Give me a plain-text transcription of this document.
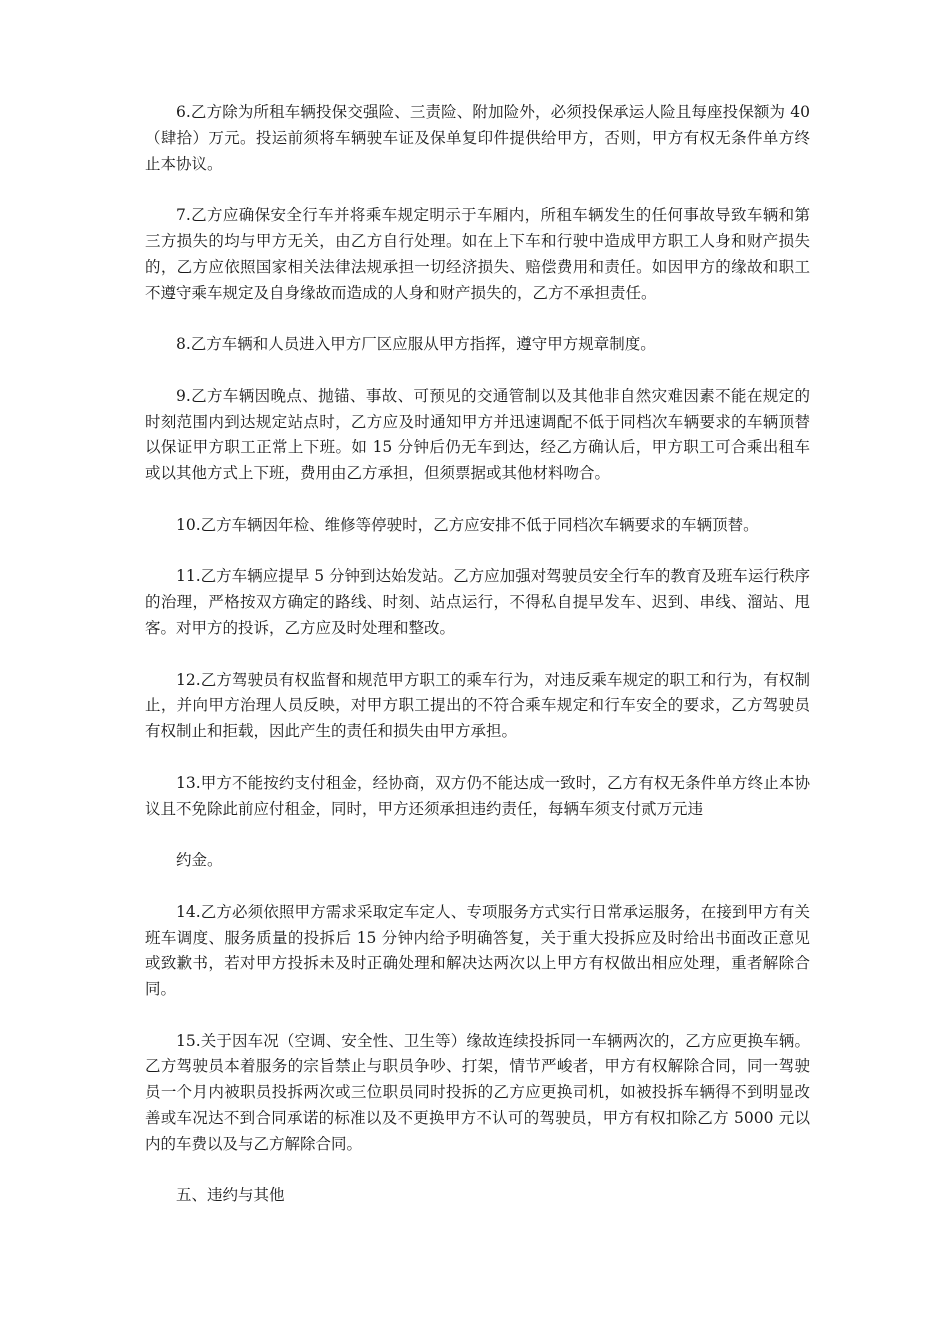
6.乙方除为所租车辆投保交强险、三责险、附加险外，必须投保承运人险且每座投保额为 40（肆拾）万元。投运前须将车辆驶车证及保单复印件提供给甲方，否则，甲方有权无条件单方终止本协议。

7.乙方应确保安全行车并将乘车规定明示于车厢内，所租车辆发生的任何事故导致车辆和第三方损失的均与甲方无关，由乙方自行处理。如在上下车和行驶中造成甲方职工人身和财产损失的，乙方应依照国家相关法律法规承担一切经济损失、赔偿费用和责任。如因甲方的缘故和职工不遵守乘车规定及自身缘故而造成的人身和财产损失的，乙方不承担责任。

8.乙方车辆和人员进入甲方厂区应服从甲方指挥，遵守甲方规章制度。

9.乙方车辆因晚点、抛锚、事故、可预见的交通管制以及其他非自然灾难因素不能在规定的时刻范围内到达规定站点时，乙方应及时通知甲方并迅速调配不低于同档次车辆要求的车辆顶替以保证甲方职工正常上下班。如 15 分钟后仍无车到达，经乙方确认后，甲方职工可合乘出租车或以其他方式上下班，费用由乙方承担，但须票据或其他材料吻合。

10.乙方车辆因年检、维修等停驶时，乙方应安排不低于同档次车辆要求的车辆顶替。

11.乙方车辆应提早 5 分钟到达始发站。乙方应加强对驾驶员安全行车的教育及班车运行秩序的治理，严格按双方确定的路线、时刻、站点运行，不得私自提早发车、迟到、串线、溜站、甩客。对甲方的投诉，乙方应及时处理和整改。

12.乙方驾驶员有权监督和规范甲方职工的乘车行为，对违反乘车规定的职工和行为，有权制止，并向甲方治理人员反映，对甲方职工提出的不符合乘车规定和行车安全的要求，乙方驾驶员有权制止和拒载，因此产生的责任和损失由甲方承担。

13.甲方不能按约支付租金，经协商，双方仍不能达成一致时，乙方有权无条件单方终止本协议且不免除此前应付租金，同时，甲方还须承担违约责任，每辆车须支付贰万元违

约金。

14.乙方必须依照甲方需求采取定车定人、专项服务方式实行日常承运服务，在接到甲方有关班车调度、服务质量的投拆后 15 分钟内给予明确答复，关于重大投拆应及时给出书面改正意见或致歉书，若对甲方投拆未及时正确处理和解决达两次以上甲方有权做出相应处理，重者解除合同。

15.关于因车况（空调、安全性、卫生等）缘故连续投拆同一车辆两次的，乙方应更换车辆。乙方驾驶员本着服务的宗旨禁止与职员争吵、打架，情节严峻者，甲方有权解除合同，同一驾驶员一个月内被职员投拆两次或三位职员同时投拆的乙方应更换司机，如被投拆车辆得不到明显改善或车况达不到合同承诺的标准以及不更换甲方不认可的驾驶员，甲方有权扣除乙方 5000 元以内的车费以及与乙方解除合同。

五、违约与其他
